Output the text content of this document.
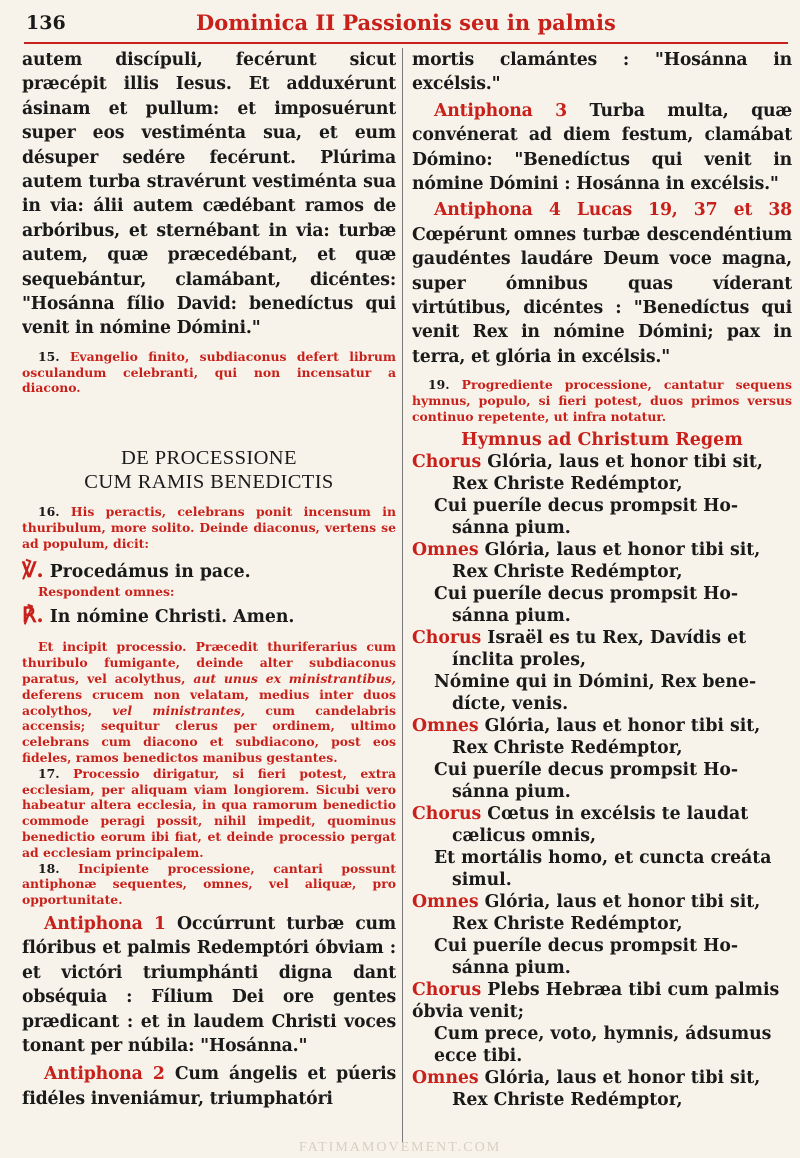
136	Dominica II Passionis seu in palmis

autem discípuli, fecérunt sicut præcépit illis Iesus. Et adduxérunt ásinam et pullum: et imposuérunt super eos vestiménta sua, et eum désuper sedére fecérunt. Plúrima autem turba stravérunt vestiménta sua in via: álii autem cædébant ramos de arbóribus, et sternébant in via: turbæ autem, quæ præcedébant, et quæ sequebántur, clamábant, dicéntes: "Hosánna fílio David: benedíctus qui venit in nómine Dómini."

15. Evangelio finito, subdiaconus defert librum osculandum celebranti, qui non incensatur a diacono.

DE PROCESSIONE

CUM RAMIS BENEDICTIS

16. His peractis, celebrans ponit incensum in thuribulum, more solito. Deinde diaconus, vertens se ad populum, dicit:

℣. Procedámus in pace.

Respondent omnes:

℟. In nómine Christi. Amen.

Et incipit processio. Præcedit thuriferarius cum thuribulo fumigante, deinde alter subdiaconus paratus, vel acolythus, aut unus ex ministrantibus, deferens crucem non velatam, medius inter duos acolythos, vel ministrantes, cum candelabris accensis; sequitur clerus per ordinem, ultimo celebrans cum diacono et subdiacono, post eos fideles, ramos benedictos manibus gestantes.

17. Processio dirigatur, si fieri potest, extra ecclesiam, per aliquam viam longiorem. Sicubi vero habeatur altera ecclesia, in qua ramorum benedictio commode peragi possit, nihil impedit, quominus benedictio eorum ibi fiat, et deinde processio pergat ad ecclesiam principalem.

18. Incipiente processione, cantari possunt antiphonæ sequentes, omnes, vel aliquæ, pro opportunitate.

Antiphona 1 Occúrrunt turbæ cum flóribus et palmis Redemptóri óbviam : et victóri triumphánti digna dant obséquia : Fílium Dei ore gentes prædicant : et in laudem Christi voces tonant per núbila: "Hosánna."

Antiphona 2 Cum ángelis et púeris fidéles inveniámur, triumphatóri

mortis clamántes : "Hosánna in excélsis."

Antiphona 3 Turba multa, quæ convénerat ad diem festum, clamábat Dómino: "Benedíctus qui venit in nómine Dómini : Hosánna in excélsis."

Antiphona 4 Lucas 19, 37 et 38 Cœpérunt omnes turbæ descendéntium gaudéntes laudáre Deum voce magna, super ómnibus quas víderant virtútibus, dicéntes : "Benedíctus qui venit Rex in nómine Dómini; pax in terra, et glória in excélsis."

19. Progrediente processione, cantatur sequens hymnus, populo, si fieri potest, duos primos versus continuo repetente, ut infra notatur.

Hymnus ad Christum Regem

Chorus Glória, laus et honor tibi sit,

Rex Christe Redémptor,

Cui pueríle decus prompsit Ho-

sánna pium.

Omnes Glória, laus et honor tibi sit,

Rex Christe Redémptor,

Cui pueríle decus prompsit Ho-

sánna pium.

Chorus Israël es tu Rex, Davídis et

ínclita proles,

Nómine qui in Dómini, Rex bene-

dícte, venis.

Omnes Glória, laus et honor tibi sit,

Rex Christe Redémptor,

Cui pueríle decus prompsit Ho-

sánna pium.

Chorus Cœtus in excélsis te laudat

cælicus omnis,

Et mortális homo, et cuncta creáta

simul.

Omnes Glória, laus et honor tibi sit,

Rex Christe Redémptor,

Cui pueríle decus prompsit Ho-

sánna pium.

Chorus Plebs Hebræa tibi cum palmis óbvia venit;

Cum prece, voto, hymnis, ádsumus ecce tibi.

Omnes Glória, laus et honor tibi sit,

Rex Christe Redémptor,

FATIMAMOVEMENT.COM
